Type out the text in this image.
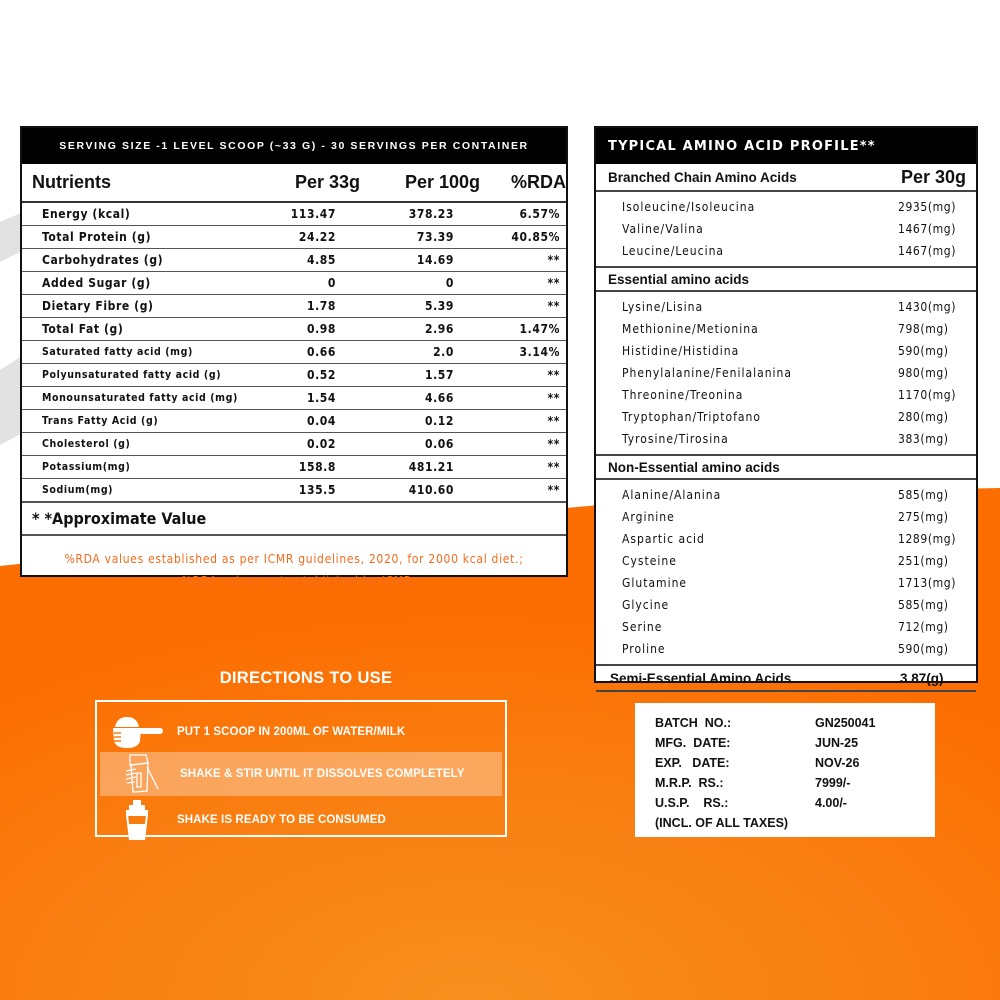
SERVING SIZE -1 LEVEL SCOOP (~33 G) - 30 SERVINGS PER CONTAINER
Nutrients	Per 33g	Per 100g	%RDA
Energy (kcal)	113.47	378.23	6.57%
Total Protein (g)	24.22	73.39	40.85%
Carbohydrates (g)	4.85	14.69	**
Added Sugar (g)	0	0	**
Dietary Fibre (g)	1.78	5.39	**
Total Fat (g)	0.98	2.96	1.47%
Saturated fatty acid (mg)	0.66	2.0	3.14%
Polyunsaturated fatty acid (g)	0.52	1.57	**
Monounsaturated fatty acid (mg)	1.54	4.66	**
Trans Fatty Acid (g)	0.04	0.12	**
Cholesterol (g)	0.02	0.06	**
Potassium(mg)	158.8	481.21	**
Sodium(mg)	135.5	410.60	**
* *Approximate Value
%RDA values established as per ICMR guidelines, 2020, for 2000 kcal diet.;
--%RDA values not established by ICMR.
TYPICAL AMINO ACID PROFILE**
Branched Chain Amino Acids	Per 30g
Isoleucine/Isoleucina	2935(mg)
Valine/Valina	1467(mg)
Leucine/Leucina	1467(mg)
Essential amino acids
Lysine/Lisina	1430(mg)
Methionine/Metionina	798(mg)
Histidine/Histidina	590(mg)
Phenylalanine/Fenilalanina	980(mg)
Threonine/Treonina	1170(mg)
Tryptophan/Triptofano	280(mg)
Tyrosine/Tirosina	383(mg)
Non-Essential amino acids
Alanine/Alanina	585(mg)
Arginine	275(mg)
Aspartic acid	1289(mg)
Cysteine	251(mg)
Glutamine	1713(mg)
Glycine	585(mg)
Serine	712(mg)
Proline	590(mg)
Semi-Essential Amino Acids	3.87(g)
DIRECTIONS TO USE
PUT 1 SCOOP IN 200ML OF WATER/MILK
SHAKE & STIR UNTIL IT DISSOLVES COMPLETELY
SHAKE IS READY TO BE CONSUMED
BATCH  NO.:	GN250041
MFG.  DATE:	JUN-25
EXP.   DATE:	NOV-26
M.R.P.  RS.:	7999/-
U.S.P.    RS.:	4.00/-
(INCL. OF ALL TAXES)
